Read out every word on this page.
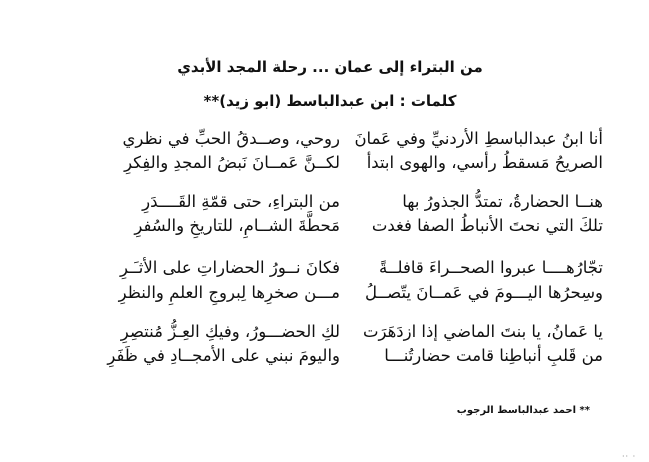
من البتراء إلى عمان ... رحلة المجد الأبدي
كلمات : ابن عبدالباسط (ابو زيد)**
أنا ابنُ عبدالباسطِ الأردنيِّ وفي عَمانَ
الصريحُ مَسقطُ رأسي، والهوى ابتدأ
روحي، وصــدقُ الحبِّ في نظري
لكــنَّ عَمــانَ نَبضُ المجدِ والفِكرِ
هنــا الحضارةُ، تمتدُّ الجذورُ بها
تلكَ التي نحتَ الأنباطُ الصفا فغدت
من البتراءِ، حتى قمّةِ القَــــدَرِ
مَحطَّةَ الشــامِ، للتاريخِ والسُفرِ
تجّارُهــــا عبروا الصحــراءَ قافلــةً
وسِحرُها اليـــومَ في عَمــانَ يتّصــلُ
فكانَ نــورُ الحضاراتِ على الأثـَـرِ
مـــن صخرِها لِبروجِ العلمِ والنظرِ
يا عَمانُ، يا بنتَ الماضي إذا ازدَهَرَت
من قَلبِ أنباطِنا قامت حضارتُنـــا
لكِ الحضـــورُ، وفيكِ العِـزُّ مُنتصِرِ
واليومَ نبني على الأمجــادِ في ظَفَرِ
** احمد عبدالباسط الرجوب
·· ·
